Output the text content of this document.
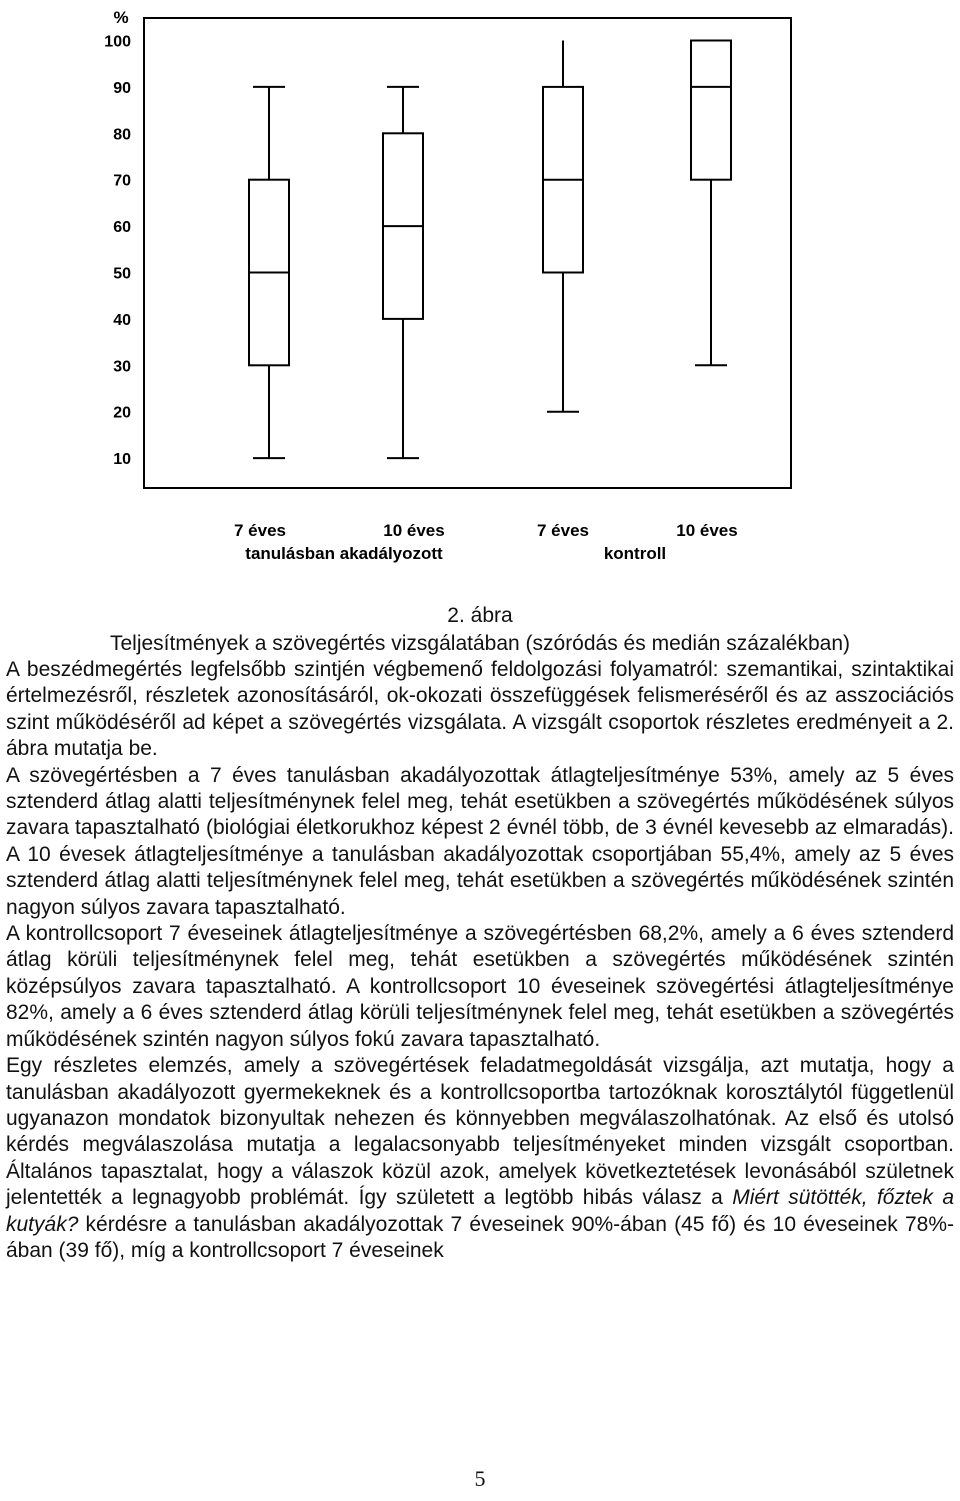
%
10
20
30
40
50
60
70
80
90
100
7 éves	10 éves	7 éves	10 éves
tanulásban akadályozott	kontroll
2. ábra
Teljesítmények a szövegértés vizsgálatában (szóródás és medián százalékban)

A beszédmegértés legfelsőbb szintjén végbemenő feldolgozási folyamatról: szemantikai, szintaktikai értelmezésről, részletek azonosításáról, ok-okozati összefüggések felismeréséről és az asszociációs szint működéséről ad képet a szövegértés vizsgálata. A vizsgált csoportok részletes eredményeit a 2. ábra mutatja be.

A szövegértésben a 7 éves tanulásban akadályozottak átlagteljesítménye 53%, amely az 5 éves sztenderd átlag alatti teljesítménynek felel meg, tehát esetükben a szövegértés működésének súlyos zavara tapasztalható (biológiai életkorukhoz képest 2 évnél több, de 3 évnél kevesebb az elmaradás). A 10 évesek átlagteljesítménye a tanulásban akadályozottak csoportjában 55,4%, amely az 5 éves sztenderd átlag alatti teljesítménynek felel meg, tehát esetükben a szövegértés működésének szintén nagyon súlyos zavara tapasztalható.

A kontrollcsoport 7 éveseinek átlagteljesítménye a szövegértésben 68,2%, amely a 6 éves sztenderd átlag körüli teljesítménynek felel meg, tehát esetükben a szövegértés működésének szintén középsúlyos zavara tapasztalható. A kontrollcsoport 10 éveseinek szövegértési átlagteljesítménye 82%, amely a 6 éves sztenderd átlag körüli teljesítménynek felel meg, tehát esetükben a szövegértés működésének szintén nagyon súlyos fokú zavara tapasztalható.

Egy részletes elemzés, amely a szövegértések feladatmegoldását vizsgálja, azt mutatja, hogy a tanulásban akadályozott gyermekeknek és a kontrollcsoportba tartozóknak korosztálytól függetlenül ugyanazon mondatok bizonyultak nehezen és könnyebben megválaszolhatónak. Az első és utolsó kérdés megválaszolása mutatja a legalacsonyabb teljesítményeket minden vizsgált csoportban. Általános tapasztalat, hogy a válaszok közül azok, amelyek következtetések levonásából születnek jelentették a legnagyobb problémát. Így született a legtöbb hibás válasz a Miért sütötték, főztek a kutyák? kérdésre a tanulásban akadályozottak 7 éveseinek 90%-ában (45 fő) és 10 éveseinek 78%-ában (39 fő), míg a kontrollcsoport 7 éveseinek

5
